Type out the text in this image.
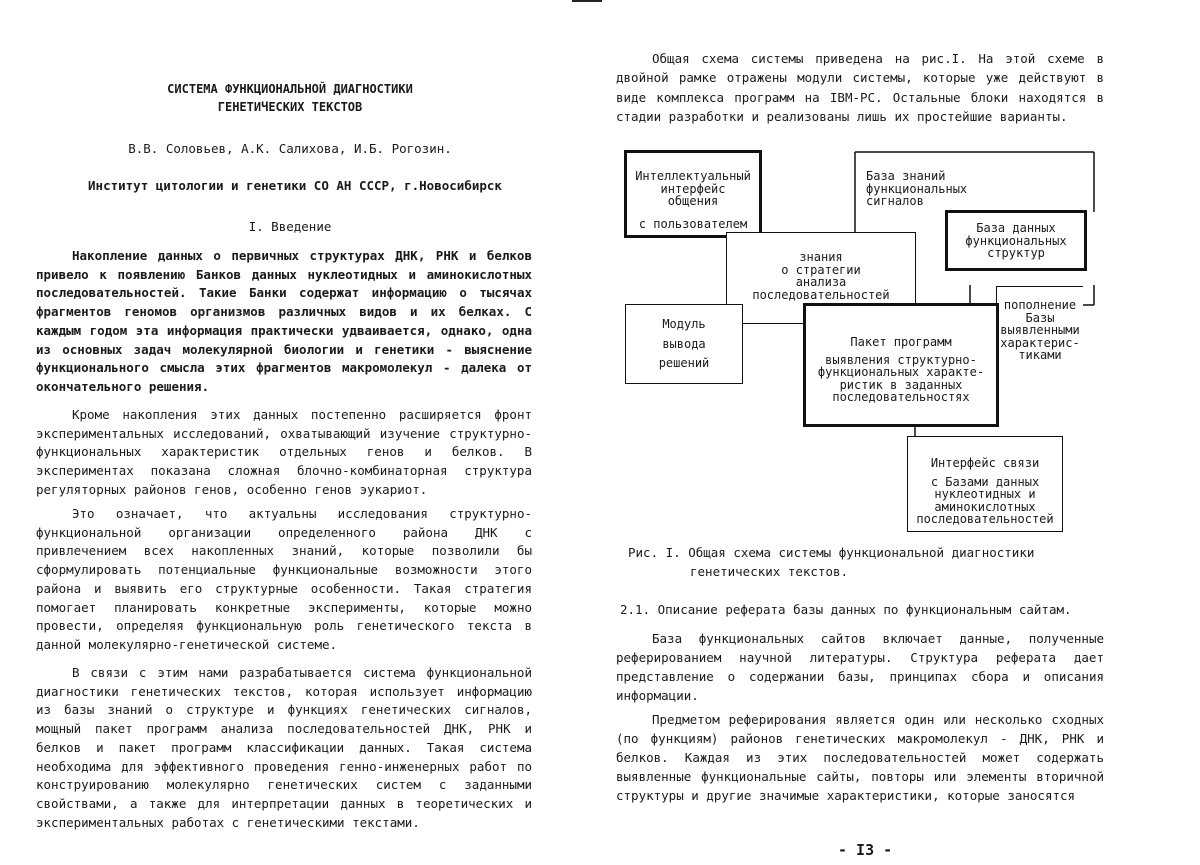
СИСТЕМА ФУНКЦИОНАЛЬНОЙ ДИАГНОСТИКИ
ГЕНЕТИЧЕСКИХ ТЕКСТОВ
В.В. Соловьев, А.К. Салихова, И.Б. Рогозин.
Институт цитологии и генетики СО АН СССР, г.Новосибирск
I. Введение

Накопление данных о первичных структурах ДНК, РНК и белков привело к появлению Банков данных нуклеотидных и аминокислотных последовательностей. Такие Банки содержат информацию о тысячах фрагментов геномов организмов различных видов и их белках. С каждым годом эта информация практически удваивается, однако, одна из основных задач молекулярной биологии и генетики - выяснение функционального смысла этих фрагментов макромолекул - далека от окончательного решения.

Кроме накопления этих данных постепенно расширяется фронт экспериментальных исследований, охватывающий изучение структурно-функциональных характеристик отдельных генов и белков. В экспериментах показана сложная блочно-комбинаторная структура регуляторных районов генов, особенно генов эукариот.

Это означает, что актуальны исследования структурно-функциональной организации определенного района ДНК с привлечением всех накопленных знаний, которые позволили бы сформулировать потенциальные функциональные возможности этого района и выявить его структурные особенности. Такая стратегия помогает планировать конкретные эксперименты, которые можно провести, определяя функциональную роль генетического текста в данной молекулярно-генетической системе.

В связи с этим нами разрабатывается система функциональной диагностики генетических текстов, которая использует информацию из базы знаний о структуре и функциях генетических сигналов, мощный пакет программ анализа последовательностей ДНК, РНК и белков и пакет программ классификации данных. Такая система необходима для эффективного проведения генно-инженерных работ по конструированию молекулярно генетических систем с заданными свойствами, а также для интерпретации данных в теоретических и экспериментальных работах с генетическими текстами.

Общая схема системы приведена на рис.I. На этой схеме в двойной рамке отражены модули системы, которые уже действуют в виде комплекса программ на IBM-PC. Остальные блоки находятся в стадии разработки и реализованы лишь их простейшие варианты.

Интеллектуальный
интерфейс
общения
с пользователем
База знаний
функциональных
сигналов
База данных
функциональных
структур
знания
о стратегии
анализа
последовательностей
пополнение
Базы
выявленными
характерис-
тиками
Модуль
вывода
решений
Пакет программ
выявления структурно-
функциональных характе-
ристик в заданных
последовательностях
Интерфейс связи
с Базами данных
нуклеотидных и
аминокислотных
последовательностей
Рис. I. Общая схема системы функциональной диагностики
генетических текстов.
2.1. Описание реферата базы данных по функциональным сайтам.

База функциональных сайтов включает данные, полученные реферированием научной литературы. Структура реферата дает представление о содержании базы, принципах сбора и описания информации.

Предметом реферирования является один или несколько сходных (по функциям) районов генетических макромолекул - ДНК, РНК и белков. Каждая из этих последовательностей может содержать выявленные функциональные сайты, повторы или элементы вторичной структуры и другие значимые характеристики, которые заносятся

- I3 -
